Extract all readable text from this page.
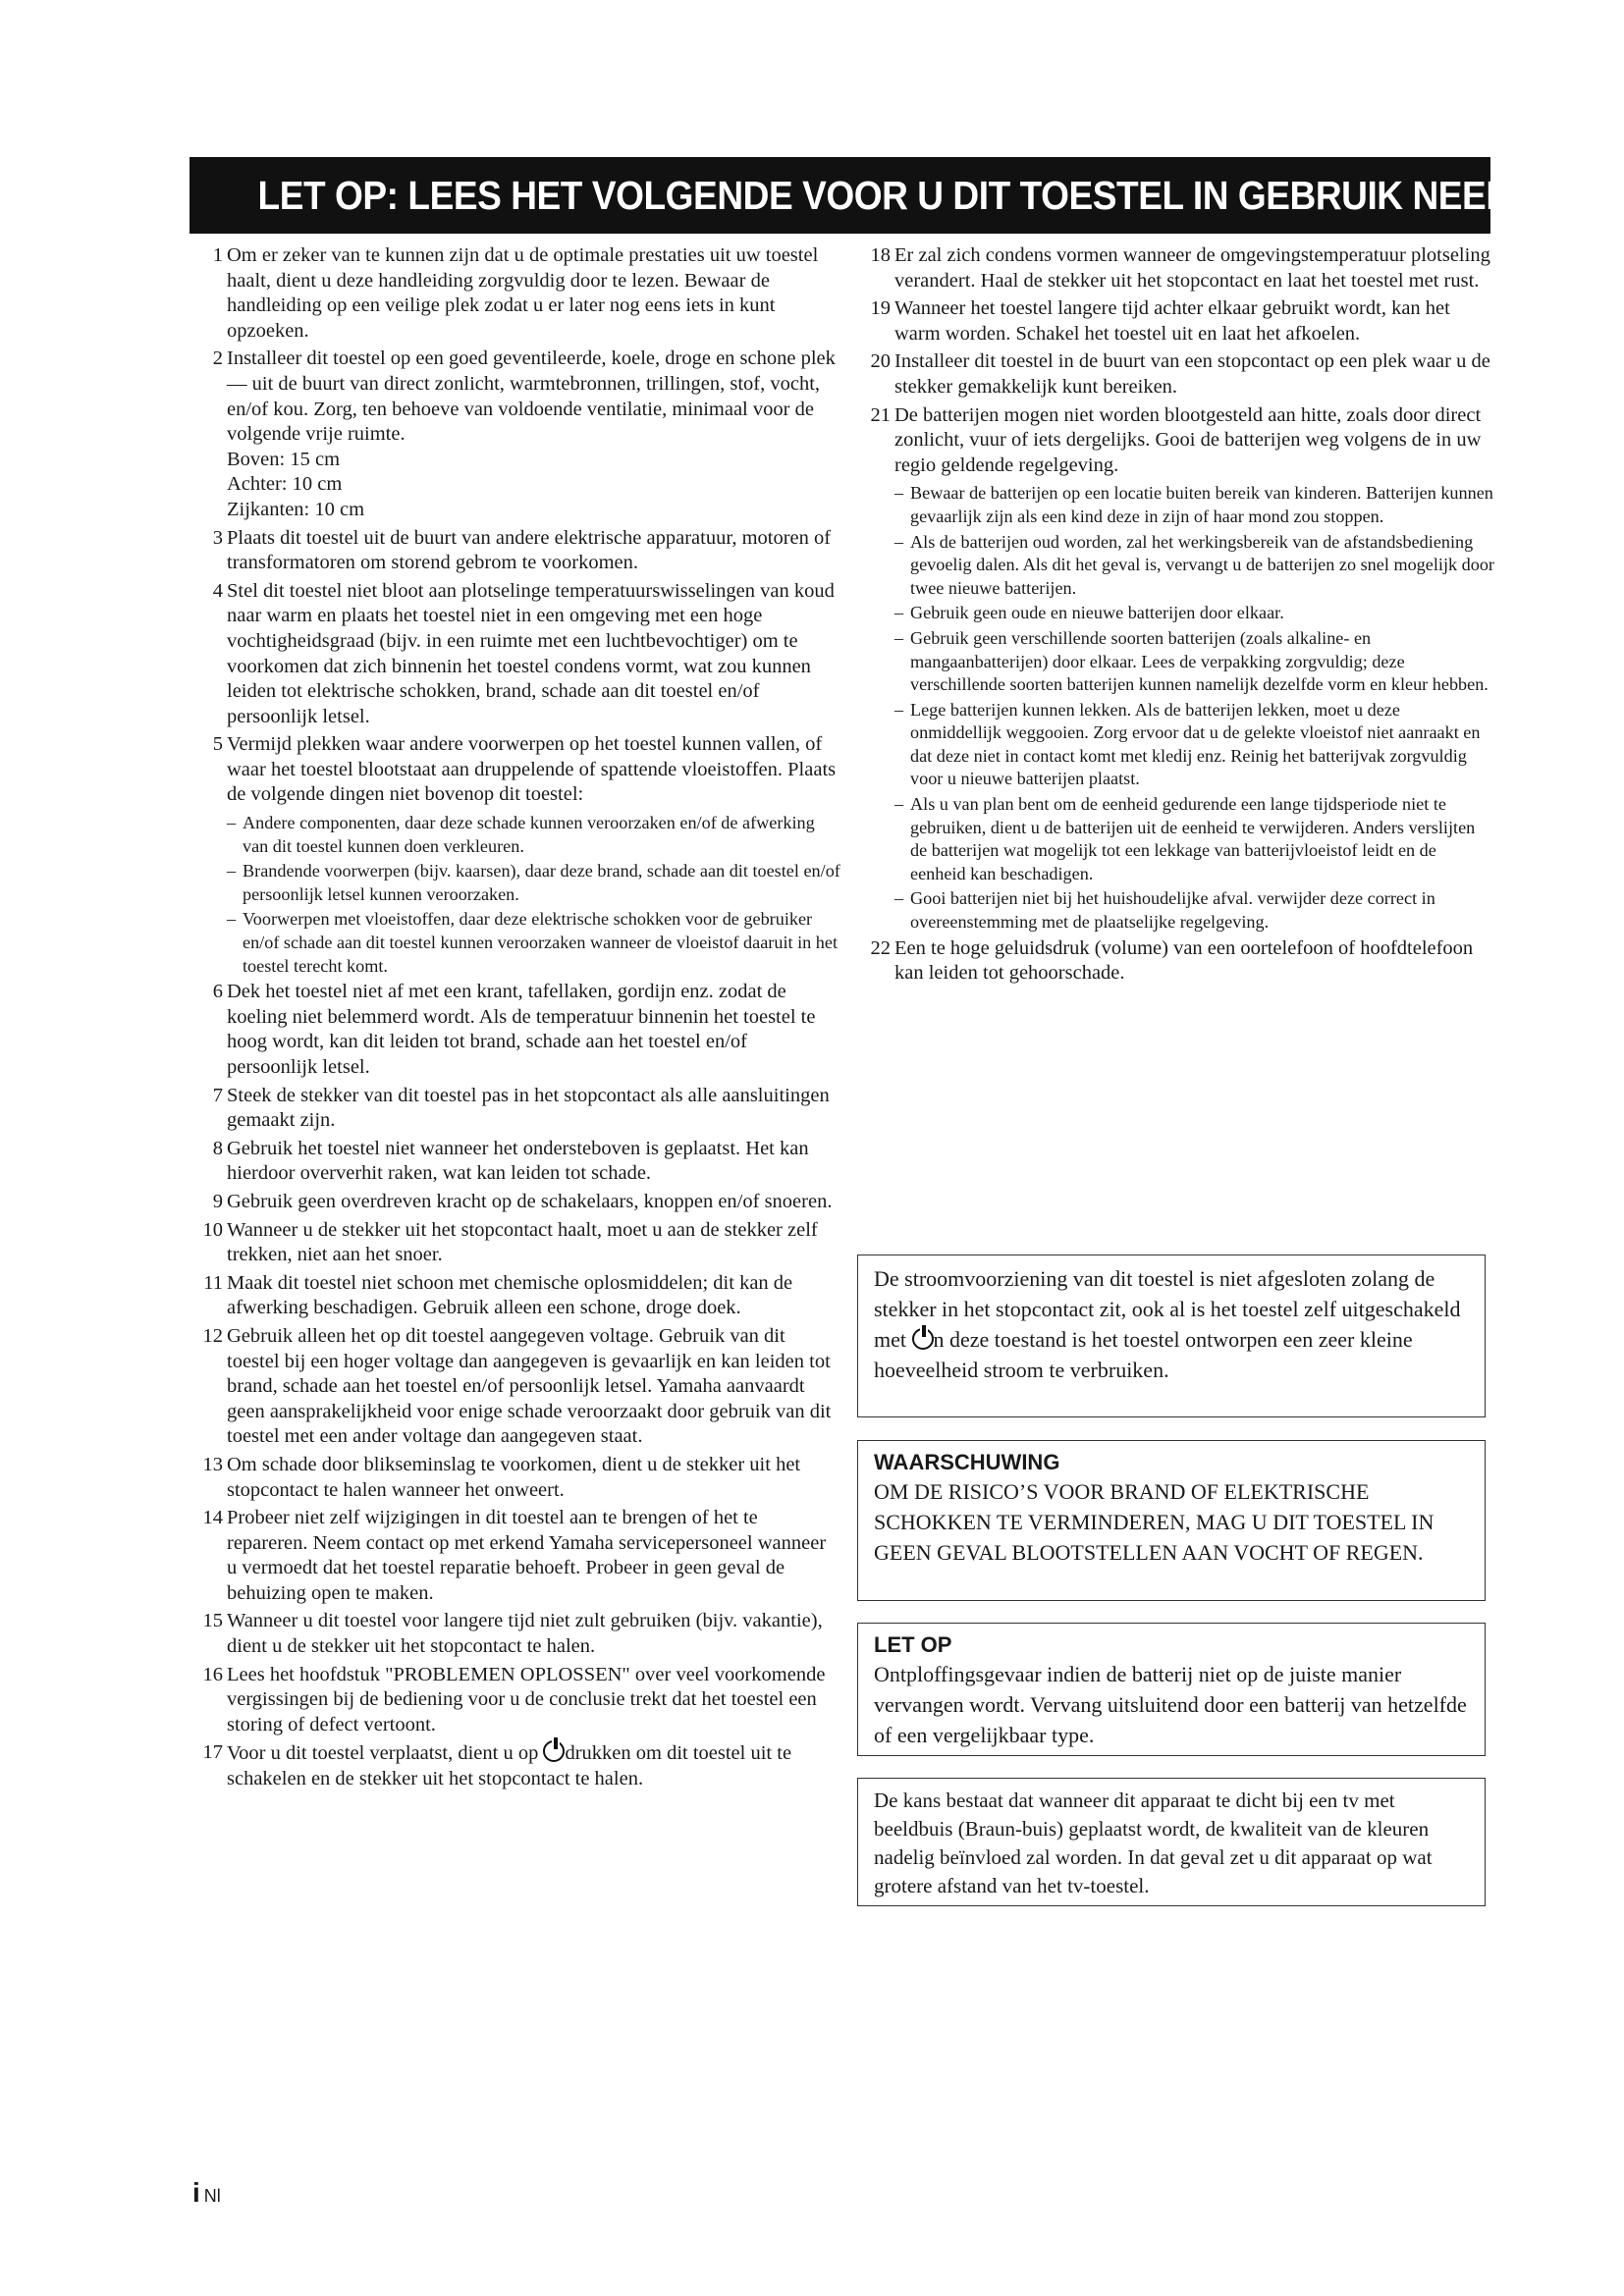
LET OP: LEES HET VOLGENDE VOOR U DIT TOESTEL IN GEBRUIK NEEMT.
1 Om er zeker van te kunnen zijn dat u de optimale prestaties uit uw toestel haalt, dient u deze handleiding zorgvuldig door te lezen. Bewaar de handleiding op een veilige plek zodat u er later nog eens iets in kunt opzoeken.
2 Installeer dit toestel op een goed geventileerde, koele, droge en schone plek — uit de buurt van direct zonlicht, warmtebronnen, trillingen, stof, vocht, en/of kou. Zorg, ten behoeve van voldoende ventilatie, minimaal voor de volgende vrije ruimte.
Boven: 15 cm
Achter: 10 cm
Zijkanten: 10 cm
3 Plaats dit toestel uit de buurt van andere elektrische apparatuur, motoren of transformatoren om storend gebrom te voorkomen.
4 Stel dit toestel niet bloot aan plotselinge temperatuurswisselingen van koud naar warm en plaats het toestel niet in een omgeving met een hoge vochtigheidsgraad (bijv. in een ruimte met een luchtbevochtiger) om te voorkomen dat zich binnenin het toestel condens vormt, wat zou kunnen leiden tot elektrische schokken, brand, schade aan dit toestel en/of persoonlijk letsel.
5 Vermijd plekken waar andere voorwerpen op het toestel kunnen vallen, of waar het toestel blootstaat aan druppelende of spattende vloeistoffen. Plaats de volgende dingen niet bovenop dit toestel:
– Andere componenten, daar deze schade kunnen veroorzaken en/of de afwerking van dit toestel kunnen doen verkleuren.
– Brandende voorwerpen (bijv. kaarsen), daar deze brand, schade aan dit toestel en/of persoonlijk letsel kunnen veroorzaken.
– Voorwerpen met vloeistoffen, daar deze elektrische schokken voor de gebruiker en/of schade aan dit toestel kunnen veroorzaken wanneer de vloeistof daaruit in het toestel terecht komt.
6 Dek het toestel niet af met een krant, tafellaken, gordijn enz. zodat de koeling niet belemmerd wordt. Als de temperatuur binnenin het toestel te hoog wordt, kan dit leiden tot brand, schade aan het toestel en/of persoonlijk letsel.
7 Steek de stekker van dit toestel pas in het stopcontact als alle aansluitingen gemaakt zijn.
8 Gebruik het toestel niet wanneer het ondersteboven is geplaatst. Het kan hierdoor oververhit raken, wat kan leiden tot schade.
9 Gebruik geen overdreven kracht op de schakelaars, knoppen en/of snoeren.
10 Wanneer u de stekker uit het stopcontact haalt, moet u aan de stekker zelf trekken, niet aan het snoer.
11 Maak dit toestel niet schoon met chemische oplosmiddelen; dit kan de afwerking beschadigen. Gebruik alleen een schone, droge doek.
12 Gebruik alleen het op dit toestel aangegeven voltage. Gebruik van dit toestel bij een hoger voltage dan aangegeven is gevaarlijk en kan leiden tot brand, schade aan het toestel en/of persoonlijk letsel. Yamaha aanvaardt geen aansprakelijkheid voor enige schade veroorzaakt door gebruik van dit toestel met een ander voltage dan aangegeven staat.
13 Om schade door blikseminslag te voorkomen, dient u de stekker uit het stopcontact te halen wanneer het onweert.
14 Probeer niet zelf wijzigingen in dit toestel aan te brengen of het te repareren. Neem contact op met erkend Yamaha servicepersoneel wanneer u vermoedt dat het toestel reparatie behoeft. Probeer in geen geval de behuizing open te maken.
15 Wanneer u dit toestel voor langere tijd niet zult gebruiken (bijv. vakantie), dient u de stekker uit het stopcontact te halen.
16 Lees het hoofdstuk "PROBLEMEN OPLOSSEN" over veel voorkomende vergissingen bij de bediening voor u de conclusie trekt dat het toestel een storing of defect vertoont.
17 Voor u dit toestel verplaatst, dient u op drukken om dit toestel uit te schakelen en de stekker uit het stopcontact te halen.
18 Er zal zich condens vormen wanneer de omgevingstemperatuur plotseling verandert. Haal de stekker uit het stopcontact en laat het toestel met rust.
19 Wanneer het toestel langere tijd achter elkaar gebruikt wordt, kan het warm worden. Schakel het toestel uit en laat het afkoelen.
20 Installeer dit toestel in de buurt van een stopcontact op een plek waar u de stekker gemakkelijk kunt bereiken.
21 De batterijen mogen niet worden blootgesteld aan hitte, zoals door direct zonlicht, vuur of iets dergelijks. Gooi de batterijen weg volgens de in uw regio geldende regelgeving.
– Bewaar de batterijen op een locatie buiten bereik van kinderen. Batterijen kunnen gevaarlijk zijn als een kind deze in zijn of haar mond zou stoppen.
– Als de batterijen oud worden, zal het werkingsbereik van de afstandsbediening gevoelig dalen. Als dit het geval is, vervangt u de batterijen zo snel mogelijk door twee nieuwe batterijen.
– Gebruik geen oude en nieuwe batterijen door elkaar.
– Gebruik geen verschillende soorten batterijen (zoals alkaline- en mangaanbatterijen) door elkaar. Lees de verpakking zorgvuldig; deze verschillende soorten batterijen kunnen namelijk dezelfde vorm en kleur hebben.
– Lege batterijen kunnen lekken. Als de batterijen lekken, moet u deze onmiddellijk weggooien. Zorg ervoor dat u de gelekte vloeistof niet aanraakt en dat deze niet in contact komt met kledij enz. Reinig het batterijvak zorgvuldig voor u nieuwe batterijen plaatst.
– Als u van plan bent om de eenheid gedurende een lange tijdsperiode niet te gebruiken, dient u de batterijen uit de eenheid te verwijderen. Anders verslijten de batterijen wat mogelijk tot een lekkage van batterijvloeistof leidt en de eenheid kan beschadigen.
– Gooi batterijen niet bij het huishoudelijke afval. verwijder deze correct in overeenstemming met de plaatselijke regelgeving.
22 Een te hoge geluidsdruk (volume) van een oortelefoon of hoofdtelefoon kan leiden tot gehoorschade.
De stroomvoorziening van dit toestel is niet afgesloten zolang de stekker in het stopcontact zit, ook al is het toestel zelf uitgeschakeld met n deze toestand is het toestel ontworpen een zeer kleine hoeveelheid stroom te verbruiken.
WAARSCHUWING
OM DE RISICO’S VOOR BRAND OF ELEKTRISCHE SCHOKKEN TE VERMINDEREN, MAG U DIT TOESTEL IN GEEN GEVAL BLOOTSTELLEN AAN VOCHT OF REGEN.
LET OP
Ontploffingsgevaar indien de batterij niet op de juiste manier vervangen wordt. Vervang uitsluitend door een batterij van hetzelfde of een vergelijkbaar type.
De kans bestaat dat wanneer dit apparaat te dicht bij een tv met beeldbuis (Braun-buis) geplaatst wordt, de kwaliteit van de kleuren nadelig beïnvloed zal worden. In dat geval zet u dit apparaat op wat grotere afstand van het tv-toestel.
i Nl
